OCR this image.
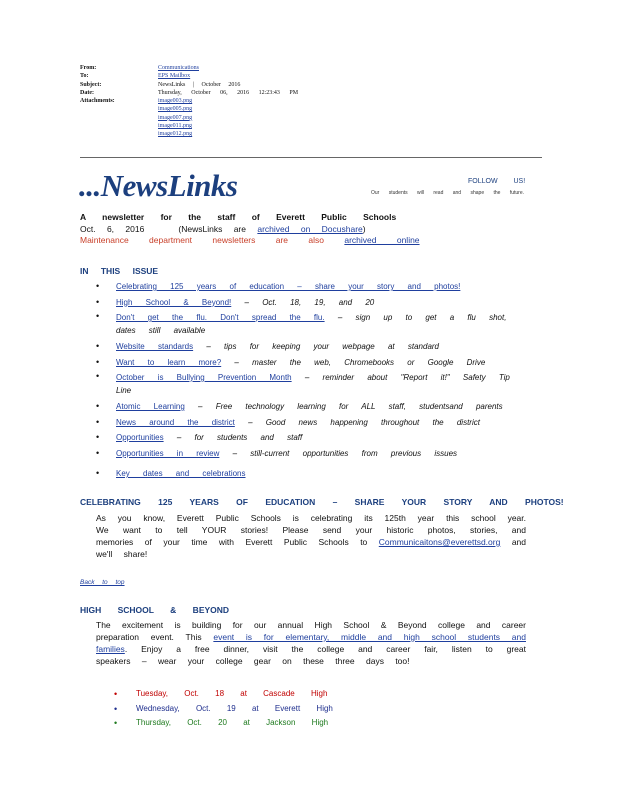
From:	Communications
To:	EPS Mailbox
Subject:	NewsLinks | October 2016
Date:	Thursday, October 06, 2016 12:23:43 PM
Attachments:	image003.png
image005.png
image007.png
image011.png
image012.png
...NewsLinks	FOLLOW US!
Our students will read and shape the future.
A newsletter for the staff of Everett Public Schools
Oct. 6, 2016	(NewsLinks are archived on Docushare)
Maintenance department newsletters are also archived online
IN THIS ISSUE
• Celebrating 125 years of education – share your story and photos!
• High School & Beyond! – Oct. 18, 19, and 20
• Don't get the flu. Don't spread the flu. – sign up to get a flu shot, dates still available
• Website standards – tips for keeping your webpage at standard
• Want to learn more? – master the web, Chromebooks or Google Drive
• October is Bullying Prevention Month – reminder about "Report it!" Safety Tip Line
• Atomic Learning – Free technology learning for ALL staff, studentsand parents
• News around the district – Good news happening throughout the district
• Opportunities – for students and staff
• Opportunities in review – still-current opportunities from previous issues
• Key dates and celebrations
CELEBRATING 125 YEARS OF EDUCATION – SHARE YOUR STORY AND PHOTOS!
As you know, Everett Public Schools is celebrating its 125th year this school year. We want to tell YOUR stories! Please send your historic photos, stories, and memories of your time with Everett Public Schools to Communicaitons@everettsd.org and we'll share!
Back to top
HIGH SCHOOL & BEYOND
The excitement is building for our annual High School & Beyond college and career preparation event. This event is for elementary, middle and high school students and families. Enjoy a free dinner, visit the college and career fair, listen to great speakers – wear your college gear on these three days too!
• Tuesday, Oct. 18 at Cascade High
• Wednesday, Oct. 19 at Everett High
• Thursday, Oct. 20 at Jackson High
